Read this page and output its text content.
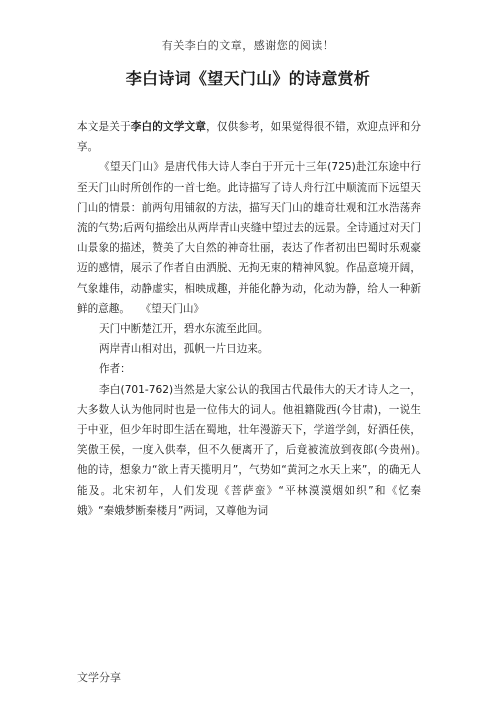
有关李白的文章，感谢您的阅读！
李白诗词《望天门山》的诗意赏析

本文是关于李白的文学文章，仅供参考，如果觉得很不错，欢迎点评和分享。

《望天门山》是唐代伟大诗人李白于开元十三年(725)赴江东途中行至天门山时所创作的一首七绝。此诗描写了诗人舟行江中顺流而下远望天门山的情景：前两句用铺叙的方法，描写天门山的雄奇壮观和江水浩荡奔流的气势;后两句描绘出从两岸青山夹缝中望过去的远景。全诗通过对天门山景象的描述，赞美了大自然的神奇壮丽，表达了作者初出巴蜀时乐观豪迈的感情，展示了作者自由洒脱、无拘无束的精神风貌。作品意境开阔，气象雄伟，动静虚实，相映成趣，并能化静为动，化动为静，给人一种新鲜的意趣。　　 《望天门山》

天门中断楚江开，碧水东流至此回。

两岸青山相对出，孤帆一片日边来。

作者：

李白(701-762)当然是大家公认的我国古代最伟大的天才诗人之一，大多数人认为他同时也是一位伟大的词人。他祖籍陇西(今甘肃)，一说生于中亚，但少年时即生活在蜀地，壮年漫游天下，学道学剑，好酒任侠，笑傲王侯，一度入供奉，但不久便离开了，后竟被流放到夜郎(今贵州)。　他的诗，想象力“欲上青天揽明月”，气势如“黄河之水天上来”，的确无人能及。北宋初年，人们发现《菩萨蛮》“平林漠漠烟如织”和《忆秦娥》“秦娥梦断秦楼月”两词，又尊他为词

文学分享
